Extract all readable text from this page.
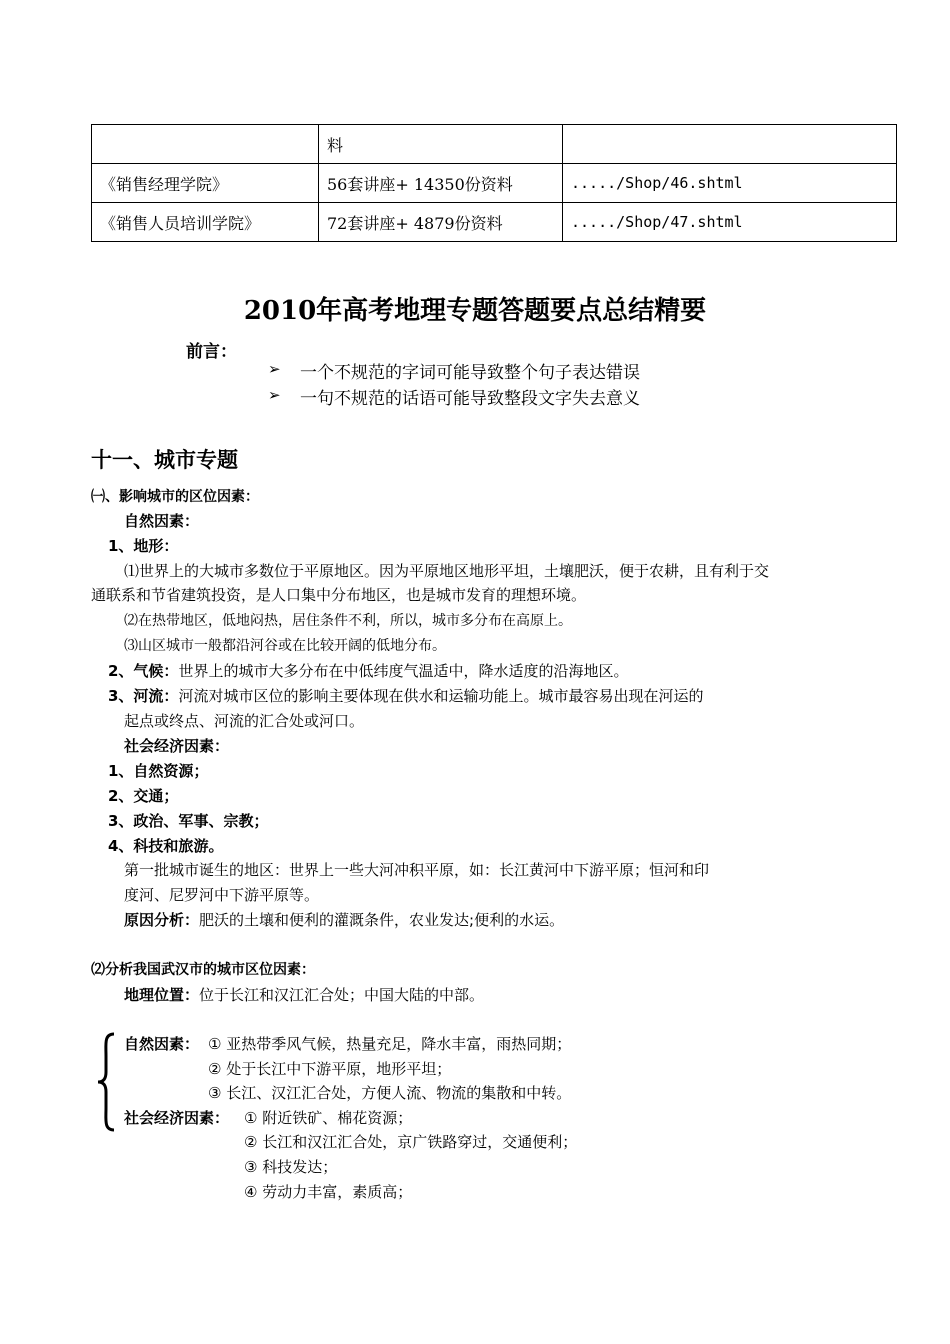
	料	
《销售经理学院》	56套讲座+ 14350份资料	...../Shop/46.shtml
《销售人员培训学院》	72套讲座+ 4879份资料	...../Shop/47.shtml
2010年高考地理专题答题要点总结精要
前言：
➢ 一个不规范的字词可能导致整个句子表达错误
➢ 一句不规范的话语可能导致整段文字失去意义
十一、城市专题
㈠、影响城市的区位因素：
自然因素：
1、地形：
⑴世界上的大城市多数位于平原地区。因为平原地区地形平坦，土壤肥沃，便于农耕，且有利于交
通联系和节省建筑投资，是人口集中分布地区，也是城市发育的理想环境。
⑵在热带地区，低地闷热，居住条件不利，所以，城市多分布在高原上。
⑶山区城市一般都沿河谷或在比较开阔的低地分布。
2、气候：世界上的城市大多分布在中低纬度气温适中，降水适度的沿海地区。
3、河流：河流对城市区位的影响主要体现在供水和运输功能上。城市最容易出现在河运的
起点或终点、河流的汇合处或河口。
社会经济因素：
1、自然资源；
2、交通；
3、政治、军事、宗教；
4、科技和旅游。
第一批城市诞生的地区：世界上一些大河冲积平原，如：长江黄河中下游平原；恒河和印
度河、尼罗河中下游平原等。
原因分析：肥沃的土壤和便利的灌溉条件，农业发达;便利的水运。
⑵分析我国武汉市的城市区位因素：
地理位置：位于长江和汉江汇合处；中国大陆的中部。
自然因素： ① 亚热带季风气候，热量充足，降水丰富，雨热同期；
② 处于长江中下游平原，地形平坦；
③ 长江、汉江汇合处，方便人流、物流的集散和中转。
社会经济因素： ① 附近铁矿、棉花资源；
② 长江和汉江汇合处，京广铁路穿过，交通便利；
③ 科技发达；
④ 劳动力丰富，素质高；
